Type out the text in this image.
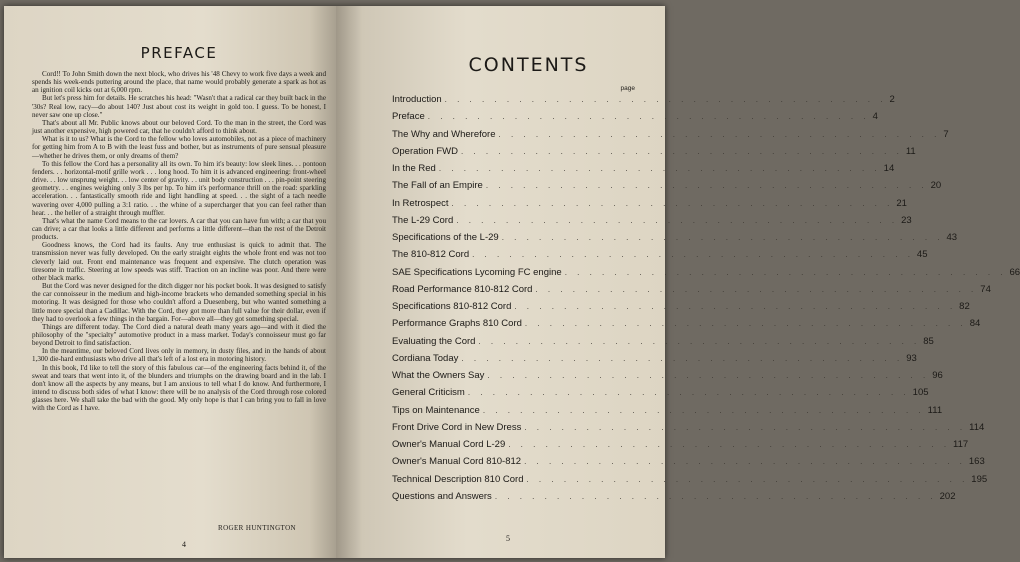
PREFACE

Cord!! To John Smith down the next block, who drives his '48 Chevy to work five days a week and spends his week-ends puttering around the place, that name would probably generate a spark as hot as an ignition coil kicks out at 6,000 rpm.

But let's press him for details. He scratches his head: "Wasn't that a radical car they built back in the '30s? Real low, racy—do about 140? Just about cost its weight in gold too. I guess. To be honest, I never saw one up close."

That's about all Mr. Public knows about our beloved Cord. To the man in the street, the Cord was just another expensive, high powered car, that he couldn't afford to think about.

What is it to us? What is the Cord to the fellow who loves automobiles, not as a piece of machinery for getting him from A to B with the least fuss and bother, but as instruments of pure sensual pleasure—whether he drives them, or only dreams of them?

To this fellow the Cord has a personality all its own. To him it's beauty: low sleek lines. . . pontoon fenders. . . horizontal-motif grille work . . . long hood. To him it is advanced engineering: front-wheel drive. . . low unsprung weight. . . low center of gravity. . . unit body construction . . . pin-point steering geometry. . . engines weighing only 3 lbs per hp. To him it's performance thrill on the road: sparkling acceleration. . . fantastically smooth ride and light handling at speed. . . the sight of a tach needle wavering over 4,000 pulling a 3:1 ratio. . . the whine of a supercharger that you can feel rather than hear. . . the heller of a straight through muffler.

That's what the name Cord means to the car lovers. A car that you can have fun with; a car that you can drive; a car that looks a little different and performs a little different—than the rest of the Detroit products.

Goodness knows, the Cord had its faults. Any true enthusiast is quick to admit that. The transmission never was fully developed. On the early straight eights the whole front end was not too cleverly laid out. Front end maintenance was frequent and expensive. The clutch operation was tiresome in traffic. Steering at low speeds was stiff. Traction on an incline was poor. And there were other black marks.

But the Cord was never designed for the ditch digger nor his pocket book. It was designed to satisfy the car connoisseur in the medium and high-income brackets who demanded something special in his motoring. It was designed for those who couldn't afford a Duesenberg, but who wanted something a little more special than a Cadillac. With the Cord, they got more than full value for their dollar, even if they had to overlook a few things in the bargain. For—above all—they got something special.

Things are different today. The Cord died a natural death many years ago—and with it died the philosophy of the "specialty" automotive product in a mass market. Today's connoisseur must go far beyond Detroit to find satisfaction.

In the meantime, our beloved Cord lives only in memory, in dusty files, and in the hands of about 1,300 die-hard enthusiasts who drive all that's left of a lost era in motoring history.

In this book, I'd like to tell the story of this fabulous car—of the engineering facts behind it, of the sweat and tears that went into it, of the blunders and triumphs on the drawing board and in the lab. I don't know all the aspects by any means, but I am anxious to tell what I do know. And furthermore, I intend to discuss both sides of what I know: there will be no analysis of the Cord through rose colored glasses here. We shall take the bad with the good. My only hope is that I can bring you to fall in love with the Cord as I have.

ROGER HUNTINGTON
4
CONTENTS
page
Introduction . . . . . . . . . . . . . . . . . . . . . . . . . . . . . . . . . . . . 2
Preface . . . . . . . . . . . . . . . . . . . . . . . . . . . . . . . . . . . . 4
The Why and Wherefore . . . . . . . . . . . . . . . . . . . . . . . . . . . . . . . . . . . . 7
Operation FWD . . . . . . . . . . . . . . . . . . . . . . . . . . . . . . . . . . . . 11
In the Red . . . . . . . . . . . . . . . . . . . . . . . . . . . . . . . . . . . . 14
The Fall of an Empire . . . . . . . . . . . . . . . . . . . . . . . . . . . . . . . . . . . . 20
In Retrospect . . . . . . . . . . . . . . . . . . . . . . . . . . . . . . . . . . . . 21
The L-29 Cord . . . . . . . . . . . . . . . . . . . . . . . . . . . . . . . . . . . . 23
Specifications of the L-29 . . . . . . . . . . . . . . . . . . . . . . . . . . . . . . . . . . . . 43
The 810-812 Cord . . . . . . . . . . . . . . . . . . . . . . . . . . . . . . . . . . . . 45
SAE Specifications Lycoming FC engine . . . . . . . . . . . . . . . . . . . . . . . . . . . . . . . . . . . . 66
Road Performance 810-812 Cord . . . . . . . . . . . . . . . . . . . . . . . . . . . . . . . . . . . . 74
Specifications 810-812 Cord . . . . . . . . . . . . . . . . . . . . . . . . . . . . . . . . . . . . 82
Performance Graphs 810 Cord . . . . . . . . . . . . . . . . . . . . . . . . . . . . . . . . . . . . 84
Evaluating the Cord . . . . . . . . . . . . . . . . . . . . . . . . . . . . . . . . . . . . 85
Cordiana Today . . . . . . . . . . . . . . . . . . . . . . . . . . . . . . . . . . . . 93
What the Owners Say . . . . . . . . . . . . . . . . . . . . . . . . . . . . . . . . . . . . 96
General Criticism . . . . . . . . . . . . . . . . . . . . . . . . . . . . . . . . . . . . 105
Tips on Maintenance . . . . . . . . . . . . . . . . . . . . . . . . . . . . . . . . . . . . 111
Front Drive Cord in New Dress . . . . . . . . . . . . . . . . . . . . . . . . . . . . . . . . . . . . 114
Owner's Manual Cord L-29 . . . . . . . . . . . . . . . . . . . . . . . . . . . . . . . . . . . . 117
Owner's Manual Cord 810-812 . . . . . . . . . . . . . . . . . . . . . . . . . . . . . . . . . . . . 163
Technical Description 810 Cord . . . . . . . . . . . . . . . . . . . . . . . . . . . . . . . . . . . . 195
Questions and Answers . . . . . . . . . . . . . . . . . . . . . . . . . . . . . . . . . . . . 202
5
